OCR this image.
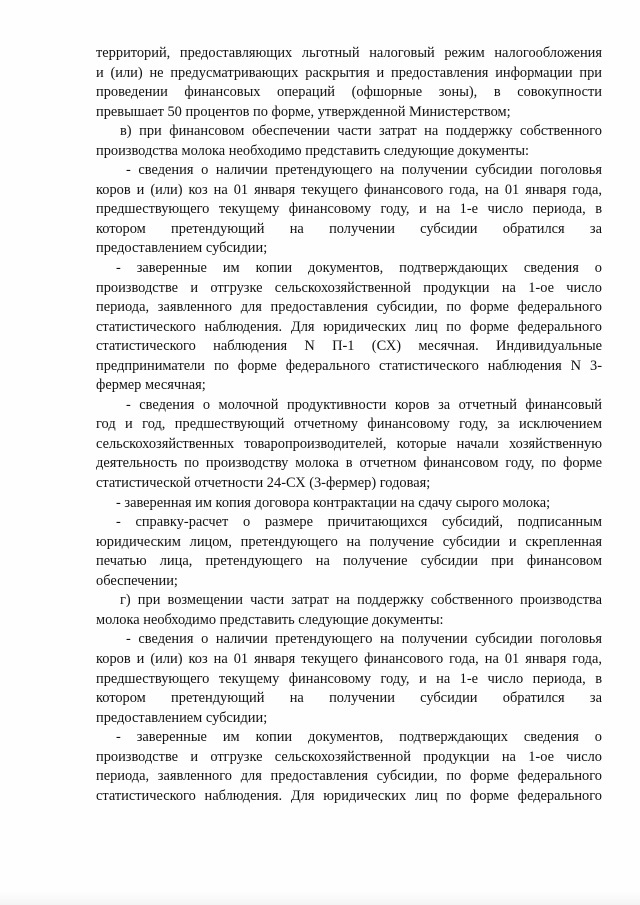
территорий, предоставляющих льготный налоговый режим налогообложения
и (или) не предусматривающих раскрытия и предоставления информации при
проведении финансовых операций (офшорные зоны), в совокупности
превышает 50 процентов по форме, утвержденной Министерством;
в) при финансовом обеспечении части затрат на поддержку собственного
производства молока необходимо представить следующие документы:
- сведения о наличии претендующего на получении субсидии поголовья
коров и (или) коз на 01 января текущего финансового года, на 01 января года,
предшествующего текущему финансовому году, и на 1-е число периода, в
котором претендующий на получении субсидии обратился за
предоставлением субсидии;
- заверенные им копии документов, подтверждающих сведения о
производстве и отгрузке сельскохозяйственной продукции на 1-ое число
периода, заявленного для предоставления субсидии, по форме федерального
статистического наблюдения. Для юридических лиц по форме федерального
статистического наблюдения N П-1 (СХ) месячная. Индивидуальные
предприниматели по форме федерального статистического наблюдения N 3-
фермер месячная;
- сведения о молочной продуктивности коров за отчетный финансовый
год и год, предшествующий отчетному финансовому году, за исключением
сельскохозяйственных товаропроизводителей, которые начали хозяйственную
деятельность по производству молока в отчетном финансовом году, по форме
статистической отчетности 24-СХ (3-фермер) годовая;
- заверенная им копия договора контрактации на сдачу сырого молока;
- справку-расчет о размере причитающихся субсидий, подписанным
юридическим лицом, претендующего на получение субсидии и скрепленная
печатью лица, претендующего на получение субсидии при финансовом
обеспечении;
г) при возмещении части затрат на поддержку собственного производства
молока необходимо представить следующие документы:
- сведения о наличии претендующего на получении субсидии поголовья
коров и (или) коз на 01 января текущего финансового года, на 01 января года,
предшествующего текущему финансовому году, и на 1-е число периода, в
котором претендующий на получении субсидии обратился за
предоставлением субсидии;
- заверенные им копии документов, подтверждающих сведения о
производстве и отгрузке сельскохозяйственной продукции на 1-ое число
периода, заявленного для предоставления субсидии, по форме федерального
статистического наблюдения. Для юридических лиц по форме федерального
